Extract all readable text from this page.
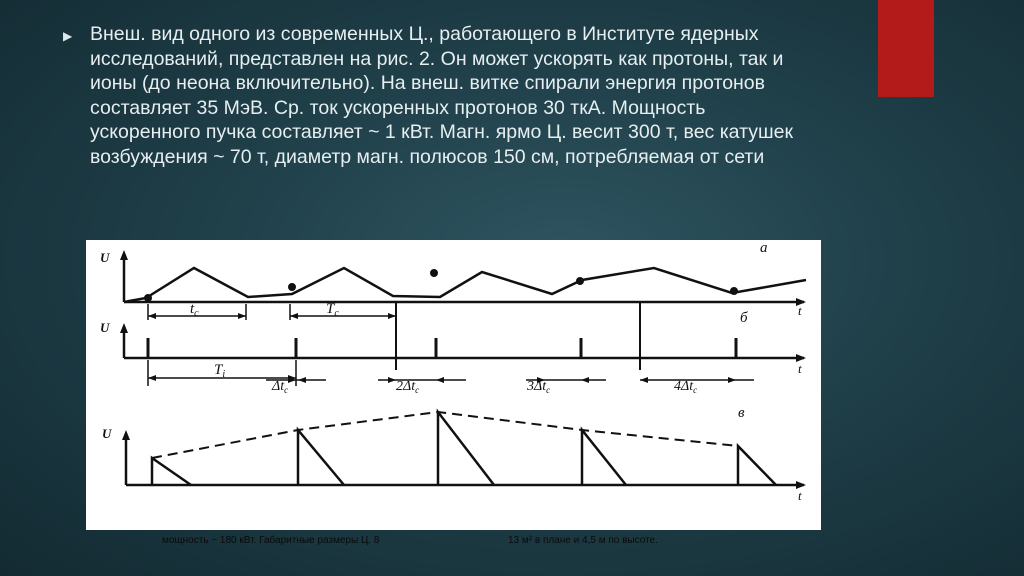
▶ Внеш. вид одного из современных Ц., работающего в Институте ядерных исследований, представлен на рис. 2. Он может ускорять как протоны, так и ионы (до неона включительно). На внеш. витке спирали энергия протонов составляет 35 МэВ. Ср. ток ускоренных протонов 30 ткА. Мощность ускоренного пучка составляет ~ 1 кВт. Магн. ярмо Ц. весит 300 т, вес катушек возбуждения ~ 70 т, диаметр магн. полюсов 150 см, потребляемая от сети
а
U
t
$t_c$	$T_c$	б
U
t
$T_i$
$\Delta t_c$	$2\Delta t_c$	$3\Delta t_c$	$4\Delta t_c$
в
U
t
мощность ~ 180 кВт. Габаритные размеры Ц. 8	13 м² в плане и 4,5 м по высоте.
